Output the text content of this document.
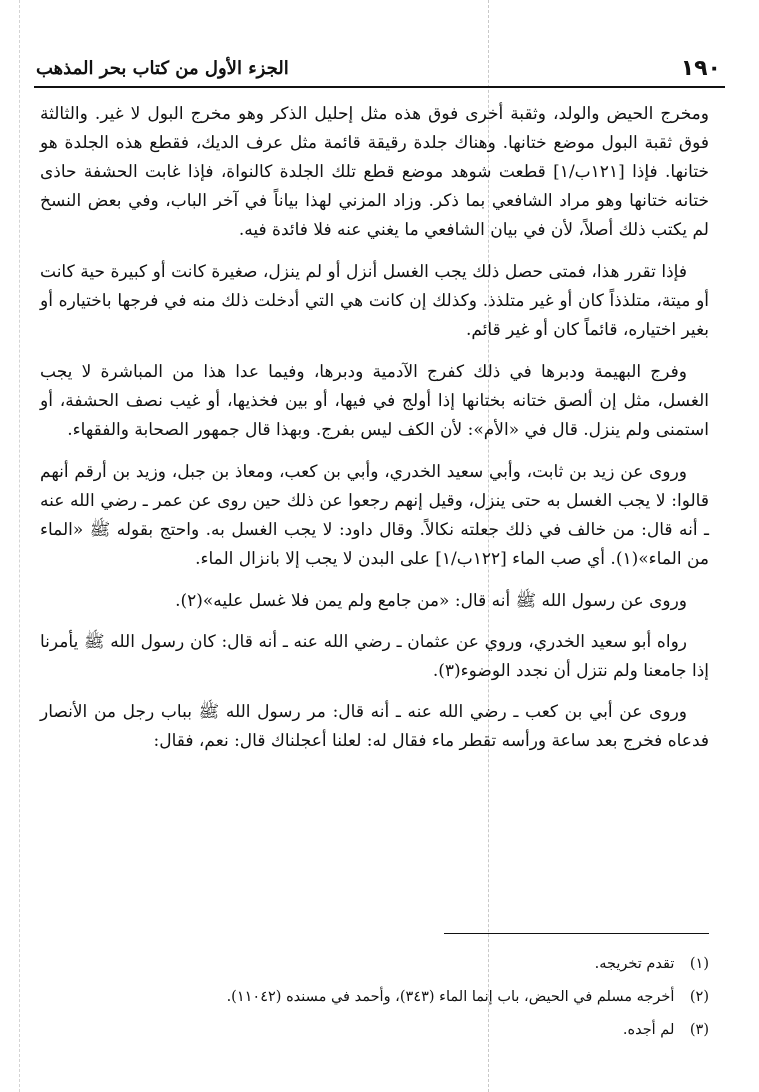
١٩٠
الجزء الأول من كتاب بحر المذهب

ومخرج الحيض والولد، وثقبة أخرى فوق هذه مثل إحليل الذكر وهو مخرج البول لا غير. والثالثة فوق ثقبة البول موضع ختانها. وهناك جلدة رقيقة قائمة مثل عرف الديك، فقطع هذه الجلدة هو ختانها. فإذا [١٢١ب/١] قطعت شوهد موضع قطع تلك الجلدة كالنواة، فإذا غابت الحشفة حاذى ختانه ختانها وهو مراد الشافعي بما ذكر. وزاد المزني لهذا بياناً في آخر الباب، وفي بعض النسخ لم يكتب ذلك أصلاً، لأن في بيان الشافعي ما يغني عنه فلا فائدة فيه.

فإذا تقرر هذا، فمتى حصل ذلك يجب الغسل أنزل أو لم ينزل، صغيرة كانت أو كبيرة حية كانت أو ميتة، متلذذاً كان أو غير متلذذ. وكذلك إن كانت هي التي أدخلت ذلك منه في فرجها باختياره أو بغير اختياره، قائماً كان أو غير قائم.

وفرج البهيمة ودبرها في ذلك كفرج الآدمية ودبرها، وفيما عدا هذا من المباشرة لا يجب الغسل، مثل إن ألصق ختانه بختانها إذا أولج في فيها، أو بين فخذيها، أو غيب نصف الحشفة، أو استمنى ولم ينزل. قال في «الأم»: لأن الكف ليس بفرج. وبهذا قال جمهور الصحابة والفقهاء.

وروى عن زيد بن ثابت، وأبي سعيد الخدري، وأبي بن كعب، ومعاذ بن جبل، وزيد بن أرقم أنهم قالوا: لا يجب الغسل به حتى ينزل، وقيل إنهم رجعوا عن ذلك حين روى عن عمر ـ رضي الله عنه ـ أنه قال: من خالف في ذلك جعلته نكالاً. وقال داود: لا يجب الغسل به. واحتج بقوله ﷺ «الماء من الماء»(١). أي صب الماء [١٢٢ب/١] على البدن لا يجب إلا بانزال الماء.

وروى عن رسول الله ﷺ أنه قال: «من جامع ولم يمن فلا غسل عليه»(٢).

رواه أبو سعيد الخدري، وروي عن عثمان ـ رضي الله عنه ـ أنه قال: كان رسول الله ﷺ يأمرنا إذا جامعنا ولم نتزل أن نجدد الوضوء(٣).

وروى عن أبي بن كعب ـ رضي الله عنه ـ أنه قال: مر رسول الله ﷺ بباب رجل من الأنصار فدعاه فخرج بعد ساعة ورأسه تقطر ماء فقال له: لعلنا أعجلناك قال: نعم، فقال:

(١) تقدم تخريجه.
(٢) أخرجه مسلم في الحيض، باب إنما الماء (٣٤٣)، وأحمد في مسنده (١١٠٤٢).
(٣) لم أجده.
